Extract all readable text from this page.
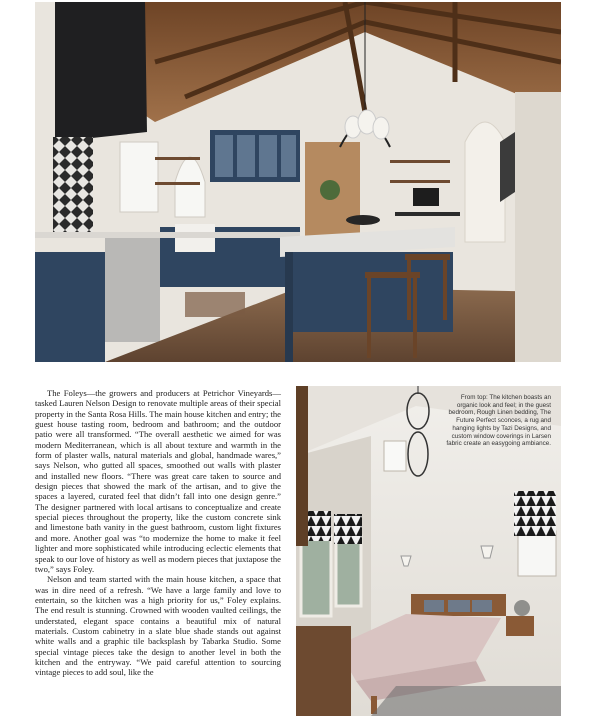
The Foleys—the growers and producers at Petrichor Vineyards—tasked Lauren Nelson Design to renovate multiple areas of their special property in the Santa Rosa Hills. The main house kitchen and entry; the guest house tasting room, bedroom and bathroom; and the outdoor patio were all transformed. “The overall aesthetic we aimed for was modern Mediterranean, which is all about texture and warmth in the form of plaster walls, natural materials and global, handmade wares,” says Nelson, who gutted all spaces, smoothed out walls with plaster and installed new floors. “There was great care taken to source and design pieces that showed the mark of the artisan, and to give the spaces a layered, curated feel that didn’t fall into one design genre.” The designer partnered with local artisans to conceptualize and create special pieces throughout the property, like the custom concrete sink and limestone bath vanity in the guest bathroom, custom light fixtures and more. Another goal was “to modernize the home to make it feel lighter and more sophisticated while introducing eclectic elements that speak to our love of history as well as modern pieces that juxtapose the two,” says Foley.

Nelson and team started with the main house kitchen, a space that was in dire need of a refresh. “We have a large family and love to entertain, so the kitchen was a high priority for us,” Foley explains. The end result is stunning. Crowned with wooden vaulted ceilings, the understated, elegant space contains a beautiful mix of natural materials. Custom cabinetry in a slate blue shade stands out against white walls and a graphic tile backsplash by Tabarka Studio. Some special vintage pieces take the design to another level in both the kitchen and the entryway. “We paid careful attention to sourcing vintage pieces to add soul, like the

From top: The kitchen boasts an organic look and feel; in the guest bedroom, Rough Linen bedding, The Future Perfect sconces, a rug and hanging lights by Tazi Designs, and custom window coverings in Larsen fabric create an easygoing ambiance.
